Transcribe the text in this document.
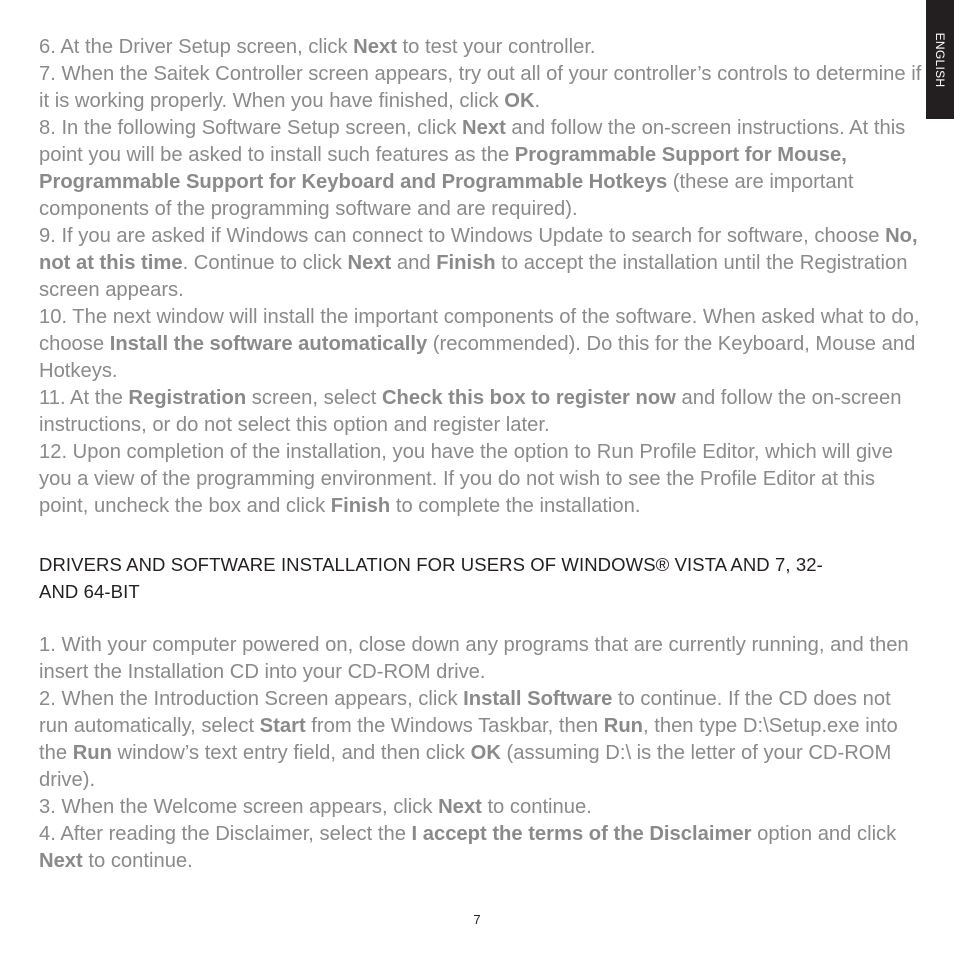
ENGLISH

6. At the Driver Setup screen, click Next to test your controller.

7. When the Saitek Controller screen appears, try out all of your controller’s controls to determine if it is working properly. When you have finished, click OK.

8. In the following Software Setup screen, click Next and follow the on-screen instructions. At this point you will be asked to install such features as the Programmable Support for Mouse, Programmable Support for Keyboard and Programmable Hotkeys (these are important components of the programming software and are required).

9. If you are asked if Windows can connect to Windows Update to search for software, choose No, not at this time. Continue to click Next and Finish to accept the installation until the Registration screen appears.

10. The next window will install the important components of the software. When asked what to do, choose Install the software automatically (recommended). Do this for the Keyboard, Mouse and Hotkeys.

11. At the Registration screen, select Check this box to register now and follow the on-screen instructions, or do not select this option and register later.

12. Upon completion of the installation, you have the option to Run Profile Editor, which will give you a view of the programming environment. If you do not wish to see the Profile Editor at this point, uncheck the box and click Finish to complete the installation.

DRIVERS AND SOFTWARE INSTALLATION FOR USERS OF WINDOWS® VISTA AND 7, 32-
AND 64-BIT

1. With your computer powered on, close down any programs that are currently running, and then insert the Installation CD into your CD-ROM drive.

2. When the Introduction Screen appears, click Install Software to continue. If the CD does not run automatically, select Start from the Windows Taskbar, then Run, then type D:\Setup.exe into the Run window’s text entry field, and then click OK (assuming D:\ is the letter of your CD-ROM drive).

3. When the Welcome screen appears, click Next to continue.

4. After reading the Disclaimer, select the I accept the terms of the Disclaimer option and click Next to continue.

7
